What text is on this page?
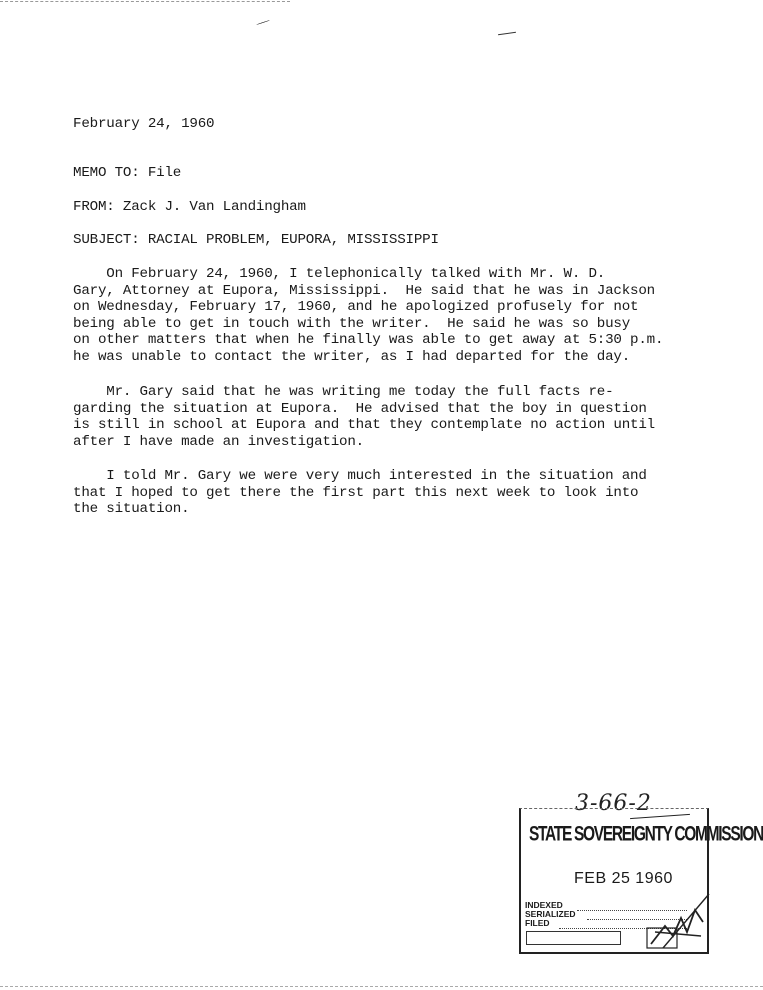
February 24, 1960
MEMO TO: File
FROM: Zack J. Van Landingham
SUBJECT: RACIAL PROBLEM, EUPORA, MISSISSIPPI
On February 24, 1960, I telephonically talked with Mr. W. D.
Gary, Attorney at Eupora, Mississippi.  He said that he was in Jackson
on Wednesday, February 17, 1960, and he apologized profusely for not
being able to get in touch with the writer.  He said he was so busy
on other matters that when he finally was able to get away at 5:30 p.m.
he was unable to contact the writer, as I had departed for the day.
Mr. Gary said that he was writing me today the full facts re-
garding the situation at Eupora.  He advised that the boy in question
is still in school at Eupora and that they contemplate no action until
after I have made an investigation.
I told Mr. Gary we were very much interested in the situation and
that I hoped to get there the first part this next week to look into
the situation.
3-66-2
STATE SOVEREIGNTY COMMISSION
FEB 25 1960
INDEXED
SERIALIZED
FILED
